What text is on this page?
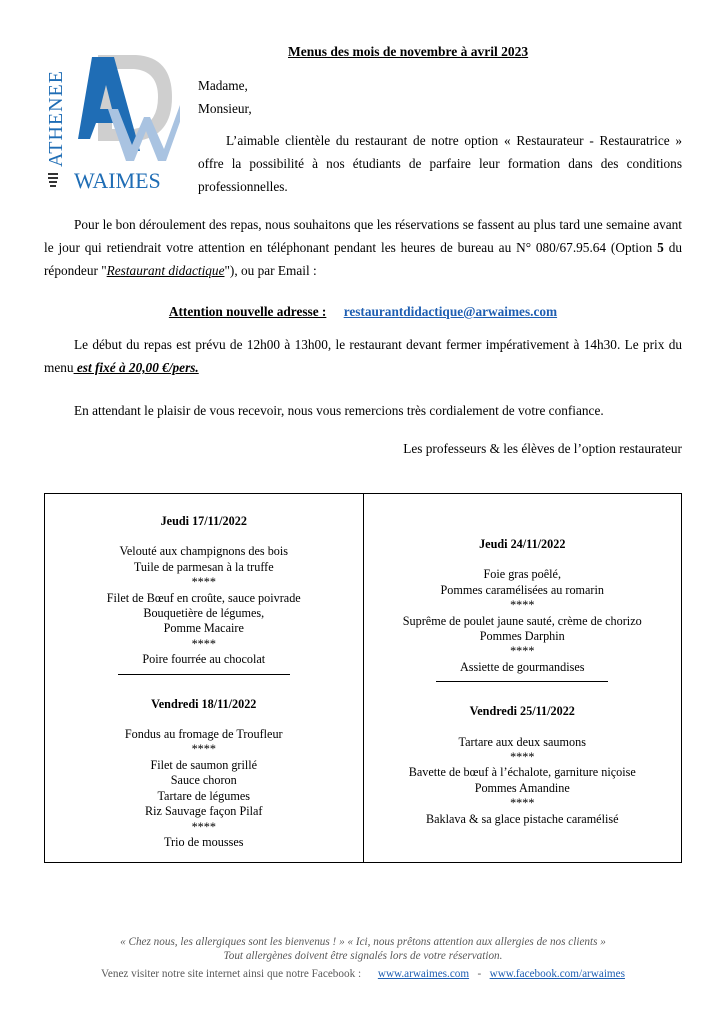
ATHENEE
WAIMES
Menus des mois de novembre à avril 2023
Madame,
Monsieur,
L’aimable clientèle du restaurant de notre option « Restaurateur - Restauratrice » offre la possibilité à nos étudiants de parfaire leur formation dans des conditions professionnelles.
Pour le bon déroulement des repas, nous souhaitons que les réservations se fassent au plus tard une semaine avant le jour qui retiendrait votre attention en téléphonant pendant les heures de bureau au N° 080/67.95.64 (Option 5 du répondeur "Restaurant didactique"), ou par Email :
Attention nouvelle adresse : restaurantdidactique@arwaimes.com
Le début du repas est prévu de 12h00 à 13h00, le restaurant devant fermer impérativement à 14h30. Le prix du menu est fixé à 20,00 €/pers.
En attendant le plaisir de vous recevoir, nous vous remercions très cordialement de votre confiance.
Les professeurs & les élèves de l’option restaurateur
Jeudi 17/11/2022
Velouté aux champignons des bois
Tuile de parmesan à la truffe
****
Filet de Bœuf en croûte, sauce poivrade
Bouquetière de légumes,
Pomme Macaire
****
Poire fourrée au chocolat
Vendredi 18/11/2022
Fondus au fromage de Troufleur
****
Filet de saumon grillé
Sauce choron
Tartare de légumes
Riz Sauvage façon Pilaf
****
Trio de mousses
Jeudi 24/11/2022
Foie gras poêlé,
Pommes caramélisées au romarin
****
Suprême de poulet jaune sauté, crème de chorizo
Pommes Darphin
****
Assiette de gourmandises
Vendredi 25/11/2022
Tartare aux deux saumons
****
Bavette de bœuf à l’échalote, garniture niçoise
Pommes Amandine
****
Baklava & sa glace pistache caramélisé
« Chez nous, les allergiques sont les bienvenus ! » « Ici, nous prêtons attention aux allergies de nos clients »
Tout allergènes doivent être signalés lors de votre réservation.
Venez visiter notre site internet ainsi que notre Facebook : www.arwaimes.com - www.facebook.com/arwaimes
